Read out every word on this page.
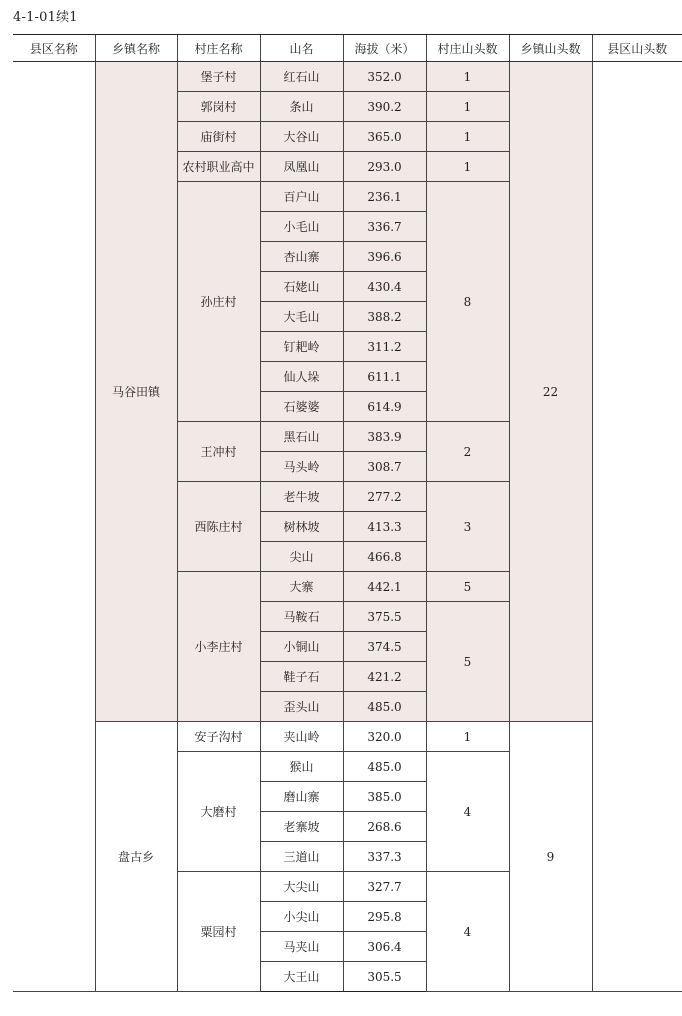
4-1-01续1
县区名称	乡镇名称	村庄名称	山名	海拔（米）	村庄山头数	乡镇山头数	县区山头数
	马谷田镇	堡子村	红石山	352.0	1	22	
		郭岗村	条山	390.2	1		
		庙街村	大谷山	365.0	1		
		农村职业高中	凤凰山	293.0	1		
		孙庄村	百户山	236.1	8		
			小毛山	336.7			
			杏山寨	396.6			
			石姥山	430.4			
			大毛山	388.2			
			钉耙岭	311.2			
			仙人垛	611.1			
			石婆婆	614.9			
		王冲村	黑石山	383.9	2		
			马头岭	308.7			
		西陈庄村	老牛坡	277.2	3		
			树林坡	413.3			
			尖山	466.8			
		小李庄村	大寨	442.1	5		
			马鞍石	375.5	5		
			小铜山	374.5			
			鞋子石	421.2			
			歪头山	485.0			
	盘古乡	安子沟村	夹山岭	320.0	1	9	
		大磨村	猴山	485.0	4		
			磨山寨	385.0			
			老寨坡	268.6			
			三道山	337.3			
		粟园村	大尖山	327.7	4		
			小尖山	295.8			
			马夹山	306.4			
			大王山	305.5			
